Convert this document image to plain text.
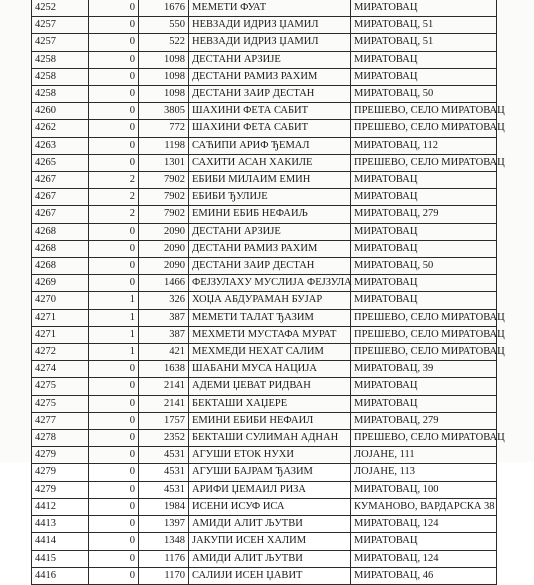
4252	0	1676	МЕМЕТИ ФУАТ	МИРАТОВАЦ
4257	0	550	НЕВЗАДИ ИДРИЗ ЏАМИЛ	МИРАТОВАЦ, 51
4257	0	522	НЕВЗАДИ ИДРИЗ ЏАМИЛ	МИРАТОВАЦ, 51
4258	0	1098	ДЕСТАНИ АРЗИЈЕ	МИРАТОВАЦ
4258	0	1098	ДЕСТАНИ РАМИЗ РАХИМ	МИРАТОВАЦ
4258	0	1098	ДЕСТАНИ ЗАИР ДЕСТАН	МИРАТОВАЦ, 50
4260	0	3805	ШАХИНИ ФЕТА САБИТ	ПРЕШЕВО, СЕЛО МИРАТОВАЦ
4262	0	772	ШАХИНИ ФЕТА САБИТ	ПРЕШЕВО, СЕЛО МИРАТОВАЦ
4263	0	1198	САЋИПИ АРИФ ЂЕМАЛ	МИРАТОВАЦ, 112
4265	0	1301	САХИТИ АСАН ХАКИЛЕ	ПРЕШЕВО, СЕЛО МИРАТОВАЦ
4267	2	7902	ЕБИБИ МИЛАИМ ЕМИН	МИРАТОВАЦ
4267	2	7902	ЕБИБИ ЂУЛИЈЕ	МИРАТОВАЦ
4267	2	7902	ЕМИНИ ЕБИБ НЕФАИЉ	МИРАТОВАЦ, 279
4268	0	2090	ДЕСТАНИ АРЗИЈЕ	МИРАТОВАЦ
4268	0	2090	ДЕСТАНИ РАМИЗ РАХИМ	МИРАТОВАЦ
4268	0	2090	ДЕСТАНИ ЗАИР ДЕСТАН	МИРАТОВАЦ, 50
4269	0	1466	ФЕЈЗУЛАХУ МУСЛИЈА ФЕЈЗУЛА	МИРАТОВАЦ
4270	1	326	ХОЏА АБДУРАМАН БУЈАР	МИРАТОВАЦ
4271	1	387	МЕМЕТИ ТАЛАТ ЂАЗИМ	ПРЕШЕВО, СЕЛО МИРАТОВАЦ
4271	1	387	МЕХМЕТИ МУСТАФА МУРАТ	ПРЕШЕВО, СЕЛО МИРАТОВАЦ
4272	1	421	МЕХМЕДИ НЕХАТ САЛИМ	ПРЕШЕВО, СЕЛО МИРАТОВАЦ
4274	0	1638	ШАБАНИ МУСА НАЦИЈА	МИРАТОВАЦ, 39
4275	0	2141	АДЕМИ ЏЕВАТ РИДВАН	МИРАТОВАЦ
4275	0	2141	БЕКТАШИ ХАЏЕРЕ	МИРАТОВАЦ
4277	0	1757	ЕМИНИ ЕБИБИ НЕФАИЛ	МИРАТОВАЦ, 279
4278	0	2352	БЕКТАШИ СУЛИМАН АДНАН	ПРЕШЕВО, СЕЛО МИРАТОВАЦ
4279	0	4531	АГУШИ ЕТОК НУХИ	ЛОЈАНЕ, 111
4279	0	4531	АГУШИ БАЈРАМ ЂАЗИМ	ЛОЈАНЕ, 113
4279	0	4531	АРИФИ ЏЕМАИЛ РИЗА	МИРАТОВАЦ, 100
4412	0	1984	ИСЕНИ ИСУФ ИСА	КУМАНОВО, ВАРДАРСКА 38
4413	0	1397	АМИДИ АЛИТ ЉУТВИ	МИРАТОВАЦ, 124
4414	0	1348	ЈАКУПИ ИСЕН ХАЛИМ	МИРАТОВАЦ
4415	0	1176	АМИДИ АЛИТ ЉУТВИ	МИРАТОВАЦ, 124
4416	0	1170	САЛИЈИ ИСЕН ЏАВИТ	МИРАТОВАЦ, 46
